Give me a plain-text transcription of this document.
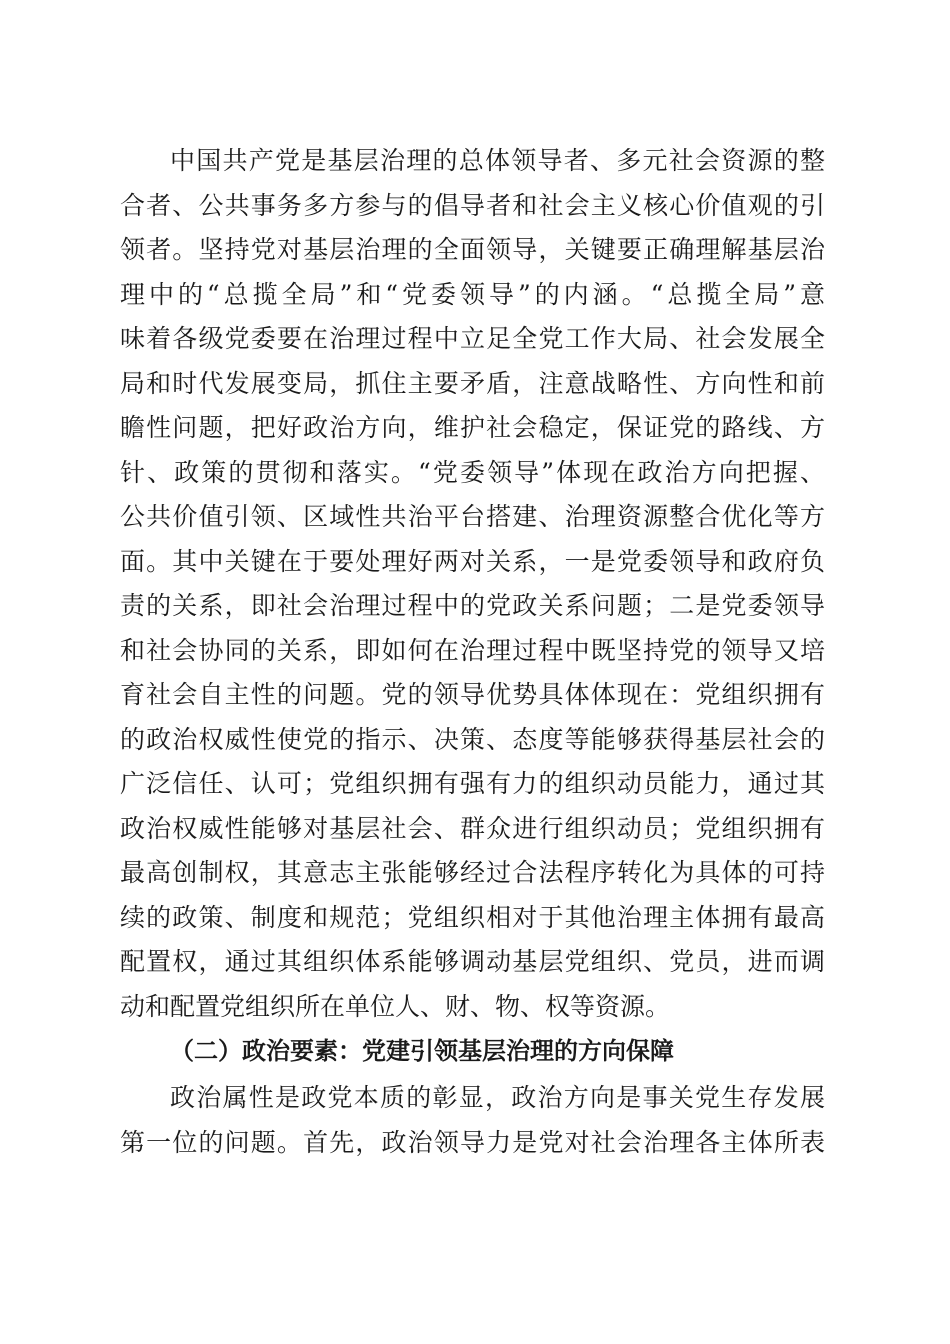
中国共产党是基层治理的总体领导者、多元社会资源的整
合者、公共事务多方参与的倡导者和社会主义核心价值观的引
领者。坚持党对基层治理的全面领导，关键要正确理解基层治
理中的“总揽全局”和“党委领导”的内涵。“总揽全局”意
味着各级党委要在治理过程中立足全党工作大局、社会发展全
局和时代发展变局，抓住主要矛盾，注意战略性、方向性和前
瞻性问题，把好政治方向，维护社会稳定，保证党的路线、方
针、政策的贯彻和落实。“党委领导”体现在政治方向把握、
公共价值引领、区域性共治平台搭建、治理资源整合优化等方
面。其中关键在于要处理好两对关系，一是党委领导和政府负
责的关系，即社会治理过程中的党政关系问题；二是党委领导
和社会协同的关系，即如何在治理过程中既坚持党的领导又培
育社会自主性的问题。党的领导优势具体体现在：党组织拥有
的政治权威性使党的指示、决策、态度等能够获得基层社会的
广泛信任、认可；党组织拥有强有力的组织动员能力，通过其
政治权威性能够对基层社会、群众进行组织动员；党组织拥有
最高创制权，其意志主张能够经过合法程序转化为具体的可持
续的政策、制度和规范；党组织相对于其他治理主体拥有最高
配置权，通过其组织体系能够调动基层党组织、党员，进而调
动和配置党组织所在单位人、财、物、权等资源。
（二）政治要素：党建引领基层治理的方向保障
政治属性是政党本质的彰显，政治方向是事关党生存发展
第一位的问题。首先，政治领导力是党对社会治理各主体所表
